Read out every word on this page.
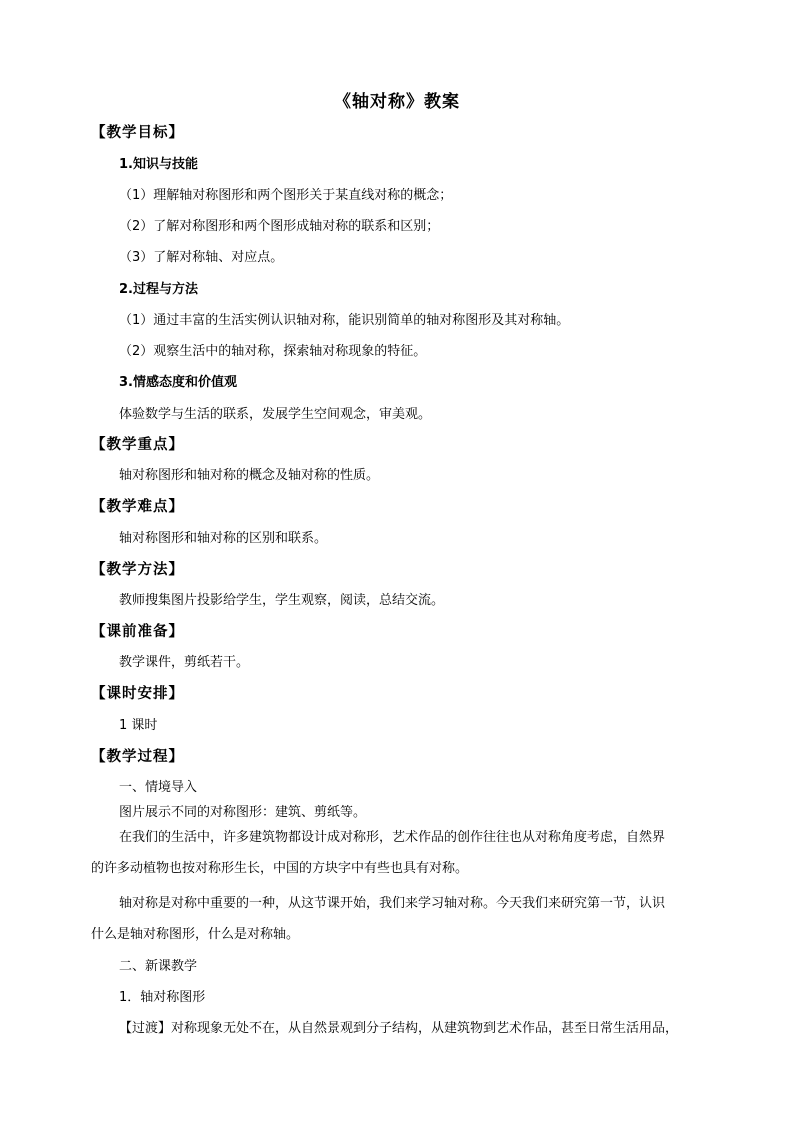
《轴对称》教案
【教学目标】
1.知识与技能
（1）理解轴对称图形和两个图形关于某直线对称的概念；
（2）了解对称图形和两个图形成轴对称的联系和区别；
（3）了解对称轴、对应点。
2.过程与方法
（1）通过丰富的生活实例认识轴对称，能识别简单的轴对称图形及其对称轴。
（2）观察生活中的轴对称，探索轴对称现象的特征。
3.情感态度和价值观
体验数学与生活的联系，发展学生空间观念，审美观。
【教学重点】
轴对称图形和轴对称的概念及轴对称的性质。
【教学难点】
轴对称图形和轴对称的区别和联系。
【教学方法】
教师搜集图片投影给学生，学生观察，阅读，总结交流。
【课前准备】
教学课件，剪纸若干。
【课时安排】
1 课时
【教学过程】
一、情境导入
图片展示不同的对称图形：建筑、剪纸等。
在我们的生活中，许多建筑物都设计成对称形，艺术作品的创作往往也从对称角度考虑，自然界
的许多动植物也按对称形生长，中国的方块字中有些也具有对称。
轴对称是对称中重要的一种，从这节课开始，我们来学习轴对称。今天我们来研究第一节，认识
什么是轴对称图形，什么是对称轴。
二、新课教学
1．轴对称图形
【过渡】对称现象无处不在，从自然景观到分子结构，从建筑物到艺术作品，甚至日常生活用品，
